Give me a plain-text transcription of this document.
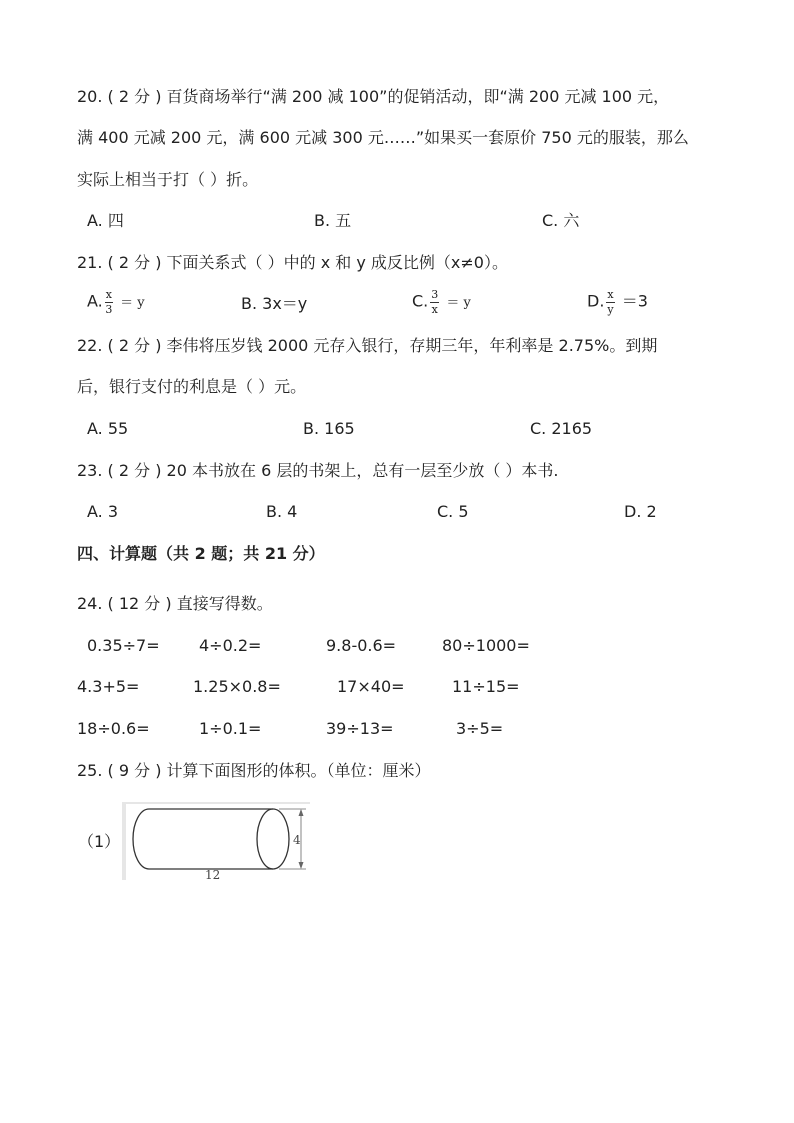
20. ( 2 分 ) 百货商场举行“满 200 减 100”的促销活动，即“满 200 元减 100 元，
满 400 元减 200 元，满 600 元减 300 元……”如果买一套原价 750 元的服装，那么
实际上相当于打（ ）折。
A. 四	B. 五	C. 六
21. ( 2 分 ) 下面关系式（ ）中的 x 和 y 成反比例（x≠0）。
A. $\frac{x}{3} = y$	B. 3x＝y	C. $\frac{3}{x} = y$	D. $\frac{x}{y} =3$
22. ( 2 分 ) 李伟将压岁钱 2000 元存入银行，存期三年，年利率是 2.75%。到期
后，银行支付的利息是（ ）元。
A. 55	B. 165	C. 2165
23. ( 2 分 ) 20 本书放在 6 层的书架上，总有一层至少放（ ）本书.
A. 3	B. 4	C. 5	D. 2
四、计算题（共 2 题；共 21 分）
24. ( 12 分 ) 直接写得数。
0.35÷7= 4÷0.2=	9.8-0.6=	80÷1000=
4.3+5=	1.25×0.8=	17×40=	11÷15=
18÷0.6=	1÷0.1=	39÷13=	3÷5=
25. ( 9 分 ) 计算下面图形的体积。（单位：厘米）
（1）	4
12
